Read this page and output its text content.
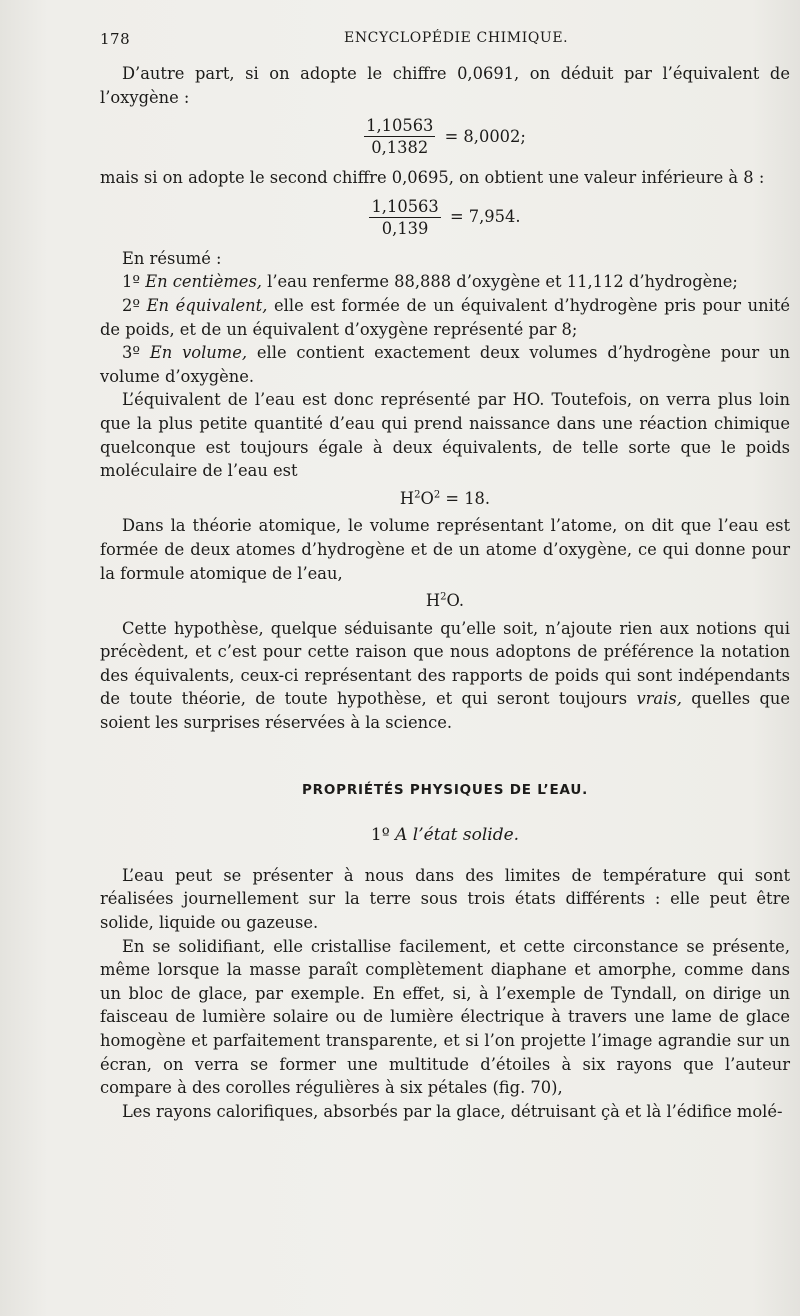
178	ENCYCLOPÉDIE CHIMIQUE.

D’autre part, si on adopte le chiffre 0,0691, on déduit par l’équivalent de l’oxygène :

$\frac{1,10563}{0,1382} = 8,0002$;

mais si on adopte le second chiffre 0,0695, on obtient une valeur inférieure à 8 :

$\frac{1,10563}{0,139} = 7,954$.

En résumé :

1º En centièmes, l’eau renferme 88,888 d’oxygène et 11,112 d’hydrogène;

2º En équivalent, elle est formée de un équivalent d’hydrogène pris pour unité de poids, et de un équivalent d’oxygène représenté par 8;

3º En volume, elle contient exactement deux volumes d’hydrogène pour un volume d’oxygène.

L’équivalent de l’eau est donc représenté par HO. Toutefois, on verra plus loin que la plus petite quantité d’eau qui prend naissance dans une réaction chimique quelconque est toujours égale à deux équivalents, de telle sorte que le poids moléculaire de l’eau est

$H^2O^2 = 18$.

Dans la théorie atomique, le volume représentant l’atome, on dit que l’eau est formée de deux atomes d’hydrogène et de un atome d’oxygène, ce qui donne pour la formule atomique de l’eau,

$H^2O$.

Cette hypothèse, quelque séduisante qu’elle soit, n’ajoute rien aux notions qui précèdent, et c’est pour cette raison que nous adoptons de préférence la notation des équivalents, ceux-ci représentant des rapports de poids qui sont indépendants de toute théorie, de toute hypothèse, et qui seront toujours vrais, quelles que soient les surprises réservées à la science.

PROPRIÉTÉS PHYSIQUES DE L’EAU.
1º A l’état solide.

L’eau peut se présenter à nous dans des limites de température qui sont réalisées journellement sur la terre sous trois états différents : elle peut être solide, liquide ou gazeuse.

En se solidifiant, elle cristallise facilement, et cette circonstance se présente, même lorsque la masse paraît complètement diaphane et amorphe, comme dans un bloc de glace, par exemple. En effet, si, à l’exemple de Tyndall, on dirige un faisceau de lumière solaire ou de lumière électrique à travers une lame de glace homogène et parfaitement transparente, et si l’on projette l’image agrandie sur un écran, on verra se former une multitude d’étoiles à six rayons que l’auteur compare à des corolles régulières à six pétales (fig. 70),

Les rayons calorifiques, absorbés par la glace, détruisant çà et là l’édifice molé-
